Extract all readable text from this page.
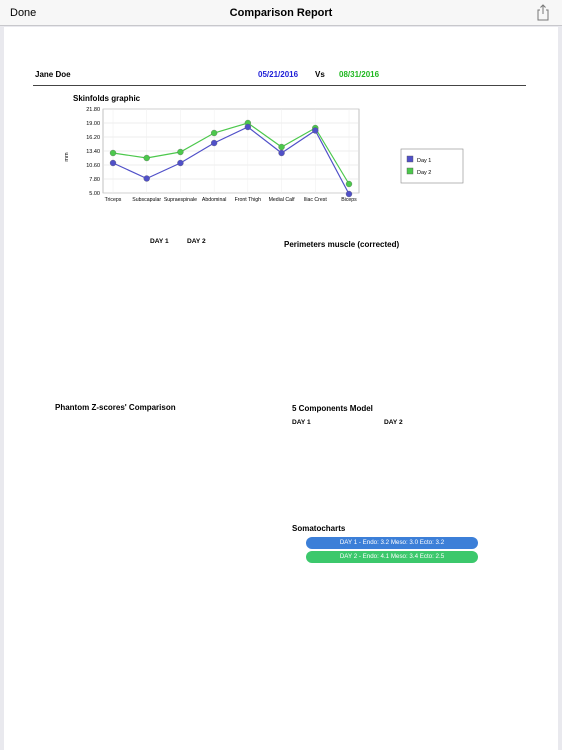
Done	Comparison Report
Jane Doe	05/21/2016 Vs 08/31/2016
Skinfolds graphic
21.80
19.00
16.20
13.40
10.60
7.80
5.00
mm
Triceps Subscapular Supraespinale Abdominal Front Thigh Medial Calf Iliac Crest	Biceps
Day 1
Day 2
DAY 1	DAY 2	Perimeters muscle (corrected)
Phantom Z-scores' Comparison	5 Components Model
DAY 1	DAY 2
Somatocharts
DAY 1 - Endo: 3.2 Meso: 3.0 Ecto: 3.2
DAY 2 - Endo: 4.1 Meso: 3.4 Ecto: 2.5
